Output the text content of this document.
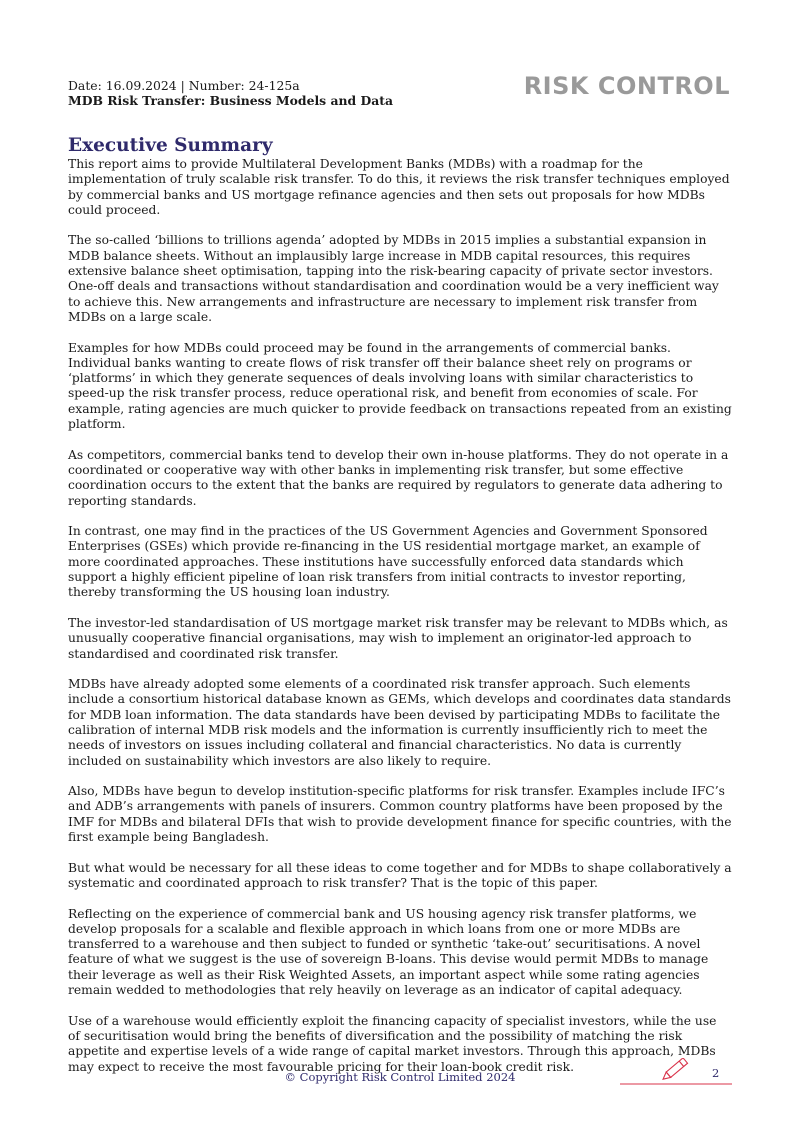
Date: 16.09.2024 | Number: 24-125a
MDB Risk Transfer: Business Models and Data
RISK CONTROL
Executive Summary

This report aims to provide Multilateral Development Banks (MDBs) with a roadmap for the implementation of truly scalable risk transfer. To do this, it reviews the risk transfer techniques employed by commercial banks and US mortgage refinance agencies and then sets out proposals for how MDBs could proceed.

The so-called ‘billions to trillions agenda’ adopted by MDBs in 2015 implies a substantial expansion in MDB balance sheets. Without an implausibly large increase in MDB capital resources, this requires extensive balance sheet optimisation, tapping into the risk-bearing capacity of private sector investors. One-off deals and transactions without standardisation and coordination would be a very inefficient way to achieve this. New arrangements and infrastructure are necessary to implement risk transfer from MDBs on a large scale.

Examples for how MDBs could proceed may be found in the arrangements of commercial banks. Individual banks wanting to create flows of risk transfer off their balance sheet rely on programs or ‘platforms’ in which they generate sequences of deals involving loans with similar characteristics to speed-up the risk transfer process, reduce operational risk, and benefit from economies of scale. For example, rating agencies are much quicker to provide feedback on transactions repeated from an existing platform.

As competitors, commercial banks tend to develop their own in-house platforms. They do not operate in a coordinated or cooperative way with other banks in implementing risk transfer, but some effective coordination occurs to the extent that the banks are required by regulators to generate data adhering to reporting standards.

In contrast, one may find in the practices of the US Government Agencies and Government Sponsored Enterprises (GSEs) which provide re-financing in the US residential mortgage market, an example of more coordinated approaches. These institutions have successfully enforced data standards which support a highly efficient pipeline of loan risk transfers from initial contracts to investor reporting, thereby transforming the US housing loan industry.

The investor-led standardisation of US mortgage market risk transfer may be relevant to MDBs which, as unusually cooperative financial organisations, may wish to implement an originator-led approach to standardised and coordinated risk transfer.

MDBs have already adopted some elements of a coordinated risk transfer approach. Such elements include a consortium historical database known as GEMs, which develops and coordinates data standards for MDB loan information. The data standards have been devised by participating MDBs to facilitate the calibration of internal MDB risk models and the information is currently insufficiently rich to meet the needs of investors on issues including collateral and financial characteristics. No data is currently included on sustainability which investors are also likely to require.

Also, MDBs have begun to develop institution-specific platforms for risk transfer. Examples include IFC’s and ADB’s arrangements with panels of insurers. Common country platforms have been proposed by the IMF for MDBs and bilateral DFIs that wish to provide development finance for specific countries, with the first example being Bangladesh.

But what would be necessary for all these ideas to come together and for MDBs to shape collaboratively a systematic and coordinated approach to risk transfer? That is the topic of this paper.

Reflecting on the experience of commercial bank and US housing agency risk transfer platforms, we develop proposals for a scalable and flexible approach in which loans from one or more MDBs are transferred to a warehouse and then subject to funded or synthetic ‘take-out’ securitisations. A novel feature of what we suggest is the use of sovereign B-loans. This devise would permit MDBs to manage their leverage as well as their Risk Weighted Assets, an important aspect while some rating agencies remain wedded to methodologies that rely heavily on leverage as an indicator of capital adequacy.

Use of a warehouse would efficiently exploit the financing capacity of specialist investors, while the use of securitisation would bring the benefits of diversification and the possibility of matching the risk appetite and expertise levels of a wide range of capital market investors. Through this approach, MDBs may expect to receive the most favourable pricing for their loan-book credit risk.

© Copyright Risk Control Limited 2024	2
